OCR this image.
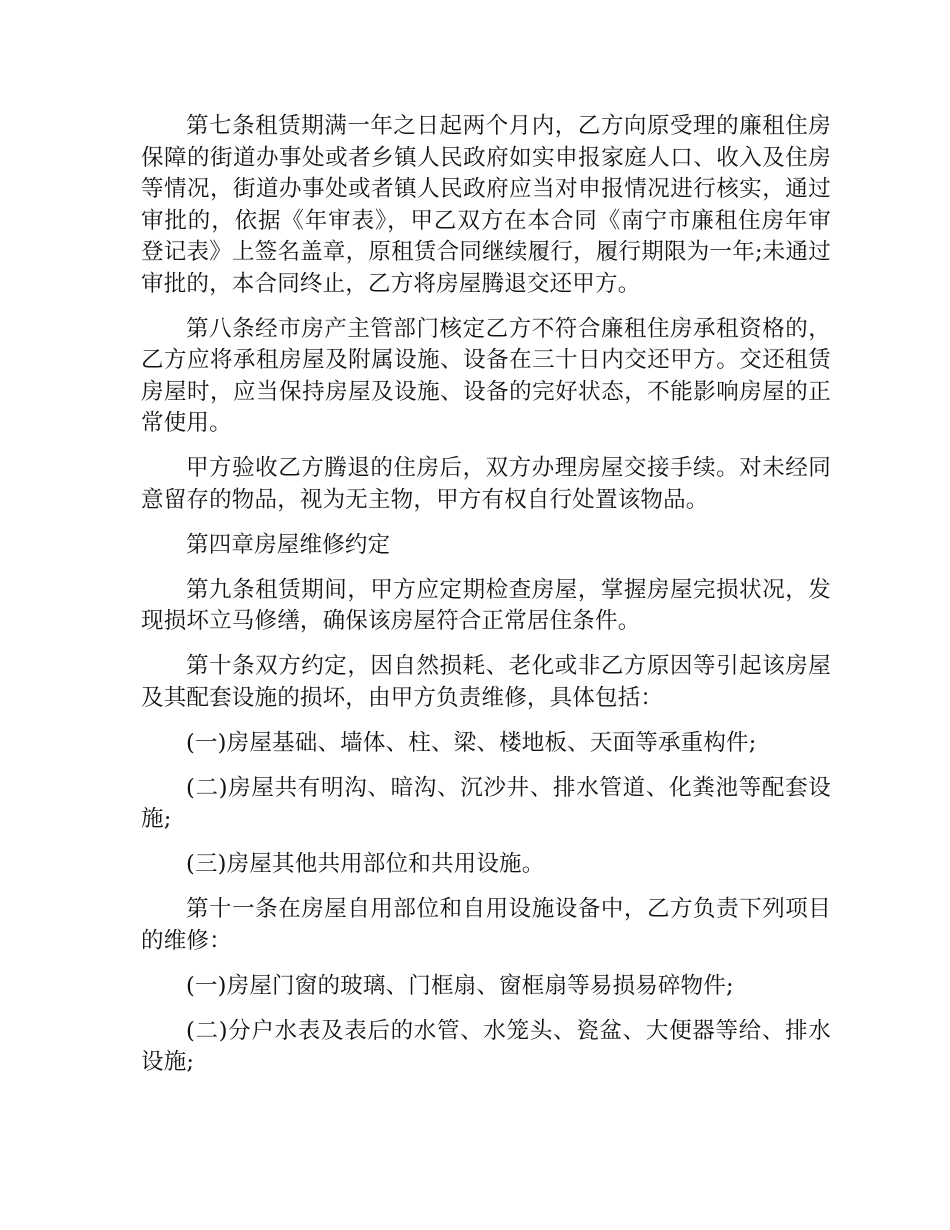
第七条租赁期满一年之日起两个月内，乙方向原受理的廉租住房保障的街道办事处或者乡镇人民政府如实申报家庭人口、收入及住房等情况，街道办事处或者镇人民政府应当对申报情况进行核实，通过审批的，依据《年审表》，甲乙双方在本合同《南宁市廉租住房年审登记表》上签名盖章，原租赁合同继续履行，履行期限为一年;未通过审批的，本合同终止，乙方将房屋腾退交还甲方。

第八条经市房产主管部门核定乙方不符合廉租住房承租资格的，乙方应将承租房屋及附属设施、设备在三十日内交还甲方。交还租赁房屋时，应当保持房屋及设施、设备的完好状态，不能影响房屋的正常使用。

甲方验收乙方腾退的住房后，双方办理房屋交接手续。对未经同意留存的物品，视为无主物，甲方有权自行处置该物品。

第四章房屋维修约定

第九条租赁期间，甲方应定期检查房屋，掌握房屋完损状况，发现损坏立马修缮，确保该房屋符合正常居住条件。

第十条双方约定，因自然损耗、老化或非乙方原因等引起该房屋及其配套设施的损坏，由甲方负责维修，具体包括：

(一)房屋基础、墙体、柱、梁、楼地板、天面等承重构件;

(二)房屋共有明沟、暗沟、沉沙井、排水管道、化粪池等配套设施;

(三)房屋其他共用部位和共用设施。

第十一条在房屋自用部位和自用设施设备中，乙方负责下列项目的维修：

(一)房屋门窗的玻璃、门框扇、窗框扇等易损易碎物件;

(二)分户水表及表后的水管、水笼头、瓷盆、大便器等给、排水设施;
